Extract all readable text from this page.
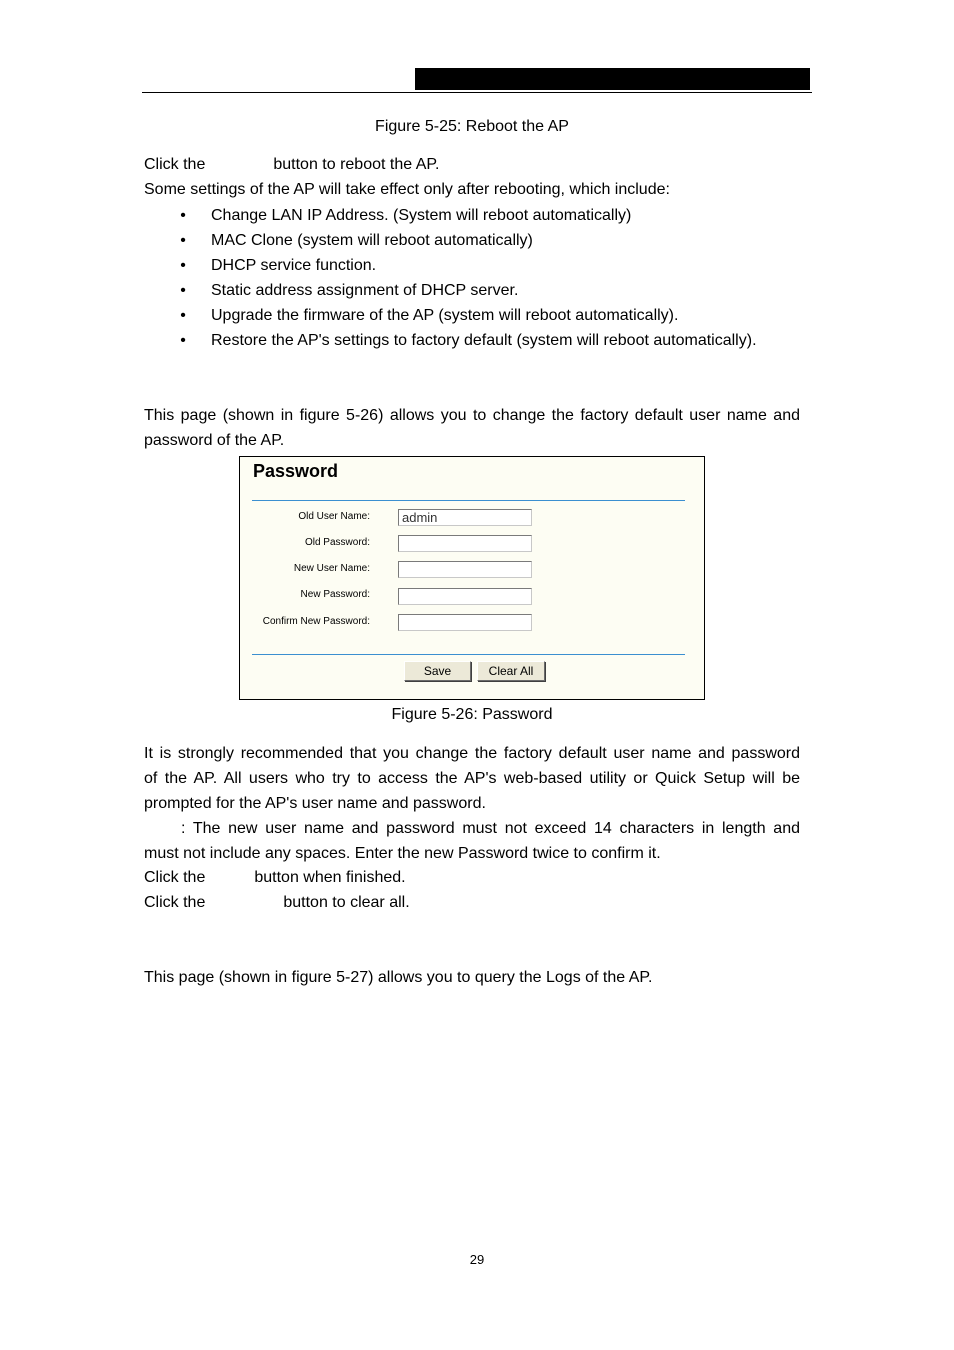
Figure 5-25: Reboot the AP

Click the	button to reboot the AP.

Some settings of the AP will take effect only after rebooting, which include:

• Change LAN IP Address. (System will reboot automatically)
• MAC Clone (system will reboot automatically)
• DHCP service function.
• Static address assignment of DHCP server.
• Upgrade the firmware of the AP (system will reboot automatically).
• Restore the AP's settings to factory default (system will reboot automatically).
This page (shown in figure 5-26) allows you to change the factory default user name and
password of the AP.

Password

Old User Name:
admin
Old Password:
New User Name:
New Password:
Confirm New Password:
Save	Clear All

Figure 5-26: Password

It is strongly recommended that you change the factory default user name and password
of the AP. All users who try to access the AP's web-based utility or Quick Setup will be
prompted for the AP's user name and password.
: The new user name and password must not exceed 14 characters in length and
must not include any spaces. Enter the new Password twice to confirm it.

Click the	button when finished.

Click the	button to clear all.

This page (shown in figure 5-27) allows you to query the Logs of the AP.

29
